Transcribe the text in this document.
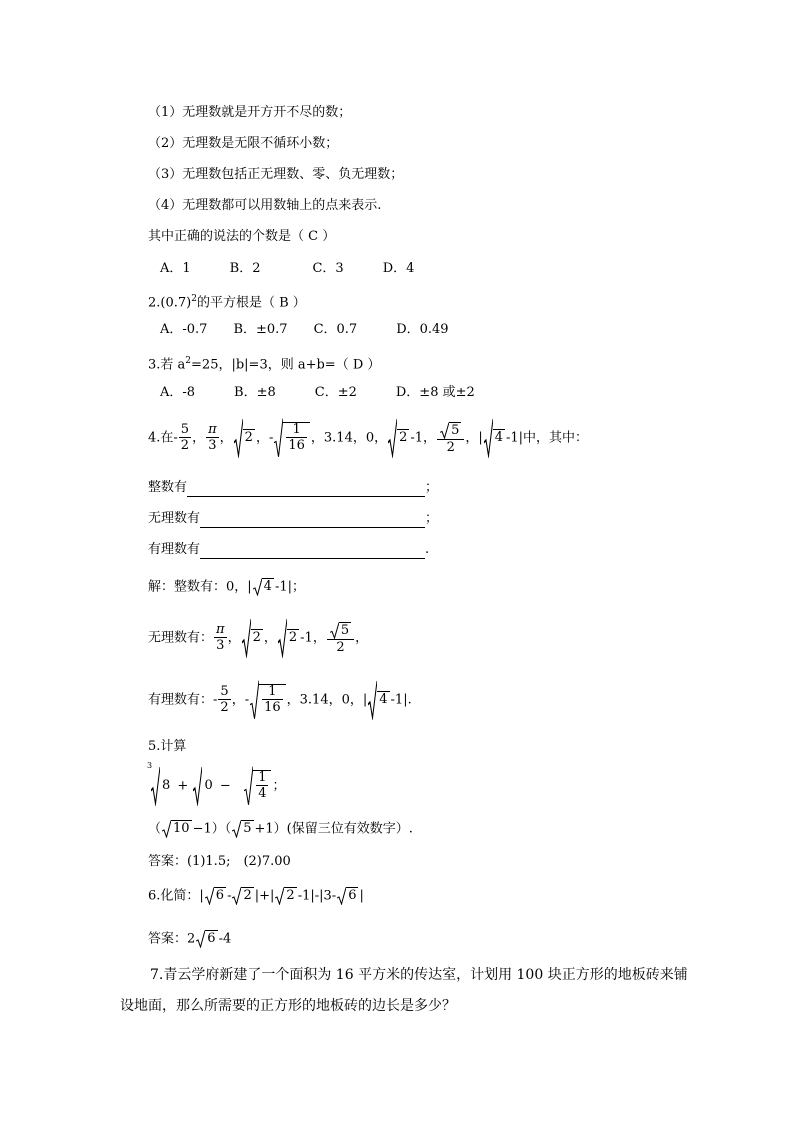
（1）无理数就是开方开不尽的数；
（2）无理数是无限不循环小数；
（3）无理数包括正无理数、零、负无理数；
（4）无理数都可以用数轴上的点来表示.
其中正确的说法的个数是（ C ）
A．1　　　B．2　　　　C．3　　　D．4
$2.(0.7)^2$的平方根是（ B ）
A．-0.7　　B．±0.7　　C．0.7　　　D．0.49
3.若 $a^2=25$，|b|=3，则 a+b=（ D ）
A．-8　　　B．±8　　　C．±2　　　D．±8 或±2
4.在- $\frac{5}{2}$ ， $\frac{\pi}{3}$ ， 2 ，- $\frac{1}{16}$ ，3.14，0， 2 -1， $\frac{5}{2}$ ，| 4 -1|中，其中：
整数有	；
无理数有	；
有理数有	.
解：整数有：0，| 4 -1|；
无理数有： $\frac{\pi}{3}$ ， 2 ， 2 -1， $\frac{5}{2}$ ，
有理数有：- $\frac{5}{2}$ ，- $\frac{1}{16}$ ，3.14，0，| 4 -1|.
5.计算
3
$8 + 0 - \frac{1}{4}$ ；
（ 10 −1）（ 5 +1）(保留三位有效数字）.
答案：(1)1.5;　(2)7.00
6.化简：| 6 - 2 |+| 2 -1|-|3- 6 |
答案：2 6 -4
7.青云学府新建了一个面积为 16 平方米的传达室，计划用 100 块正方形的地板砖来铺
设地面，那么所需要的正方形的地板砖的边长是多少？
